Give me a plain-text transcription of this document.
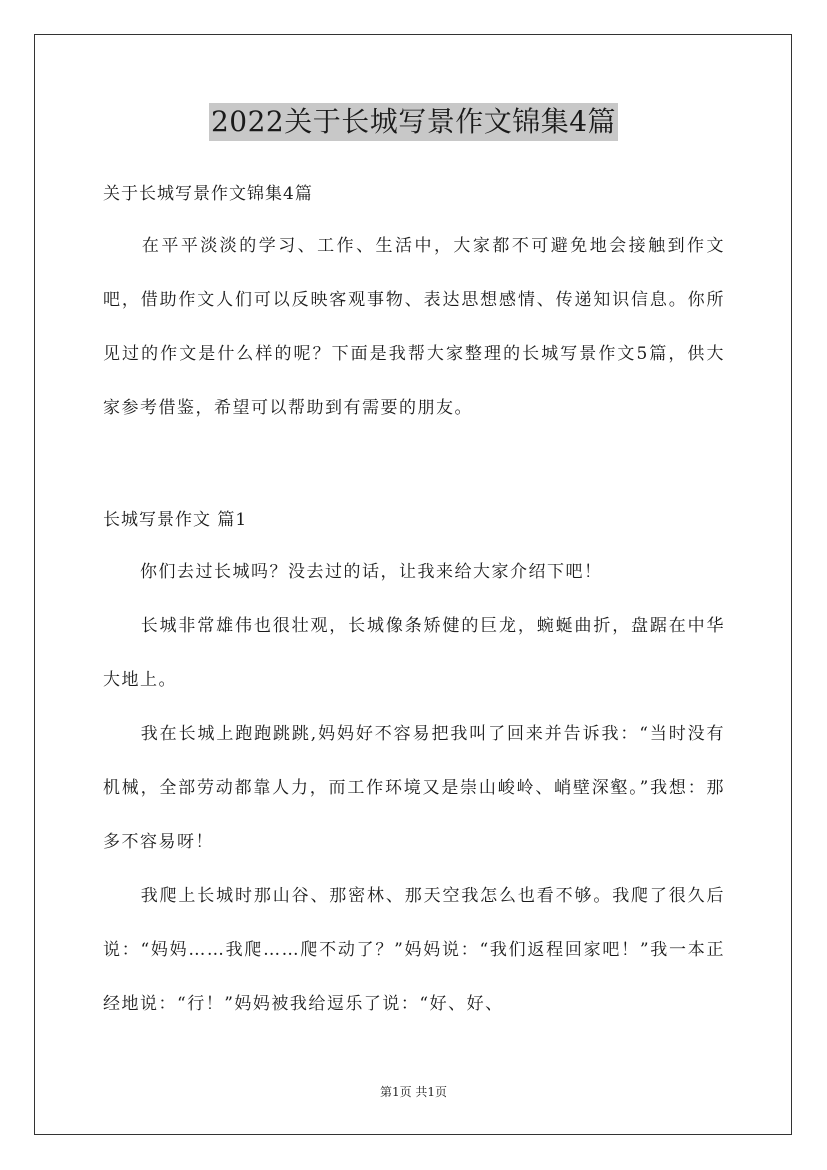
2022关于长城写景作文锦集4篇
关于长城写景作文锦集4篇

　　在平平淡淡的学习、工作、生活中，大家都不可避免地会接触到作文吧，借助作文人们可以反映客观事物、表达思想感情、传递知识信息。你所见过的作文是什么样的呢？下面是我帮大家整理的长城写景作文5篇，供大家参考借鉴，希望可以帮助到有需要的朋友。

长城写景作文 篇1

　　你们去过长城吗？没去过的话，让我来给大家介绍下吧！

　　长城非常雄伟也很壮观，长城像条矫健的巨龙，蜿蜒曲折，盘踞在中华大地上。

　　我在长城上跑跑跳跳,妈妈好不容易把我叫了回来并告诉我：“当时没有机械，全部劳动都靠人力，而工作环境又是崇山峻岭、峭壁深壑。”我想：那多不容易呀！

　　我爬上长城时那山谷、那密林、那天空我怎么也看不够。我爬了很久后说：“妈妈……我爬……爬不动了？”妈妈说：“我们返程回家吧！”我一本正经地说：“行！”妈妈被我给逗乐了说：“好、好、

第1页 共1页
